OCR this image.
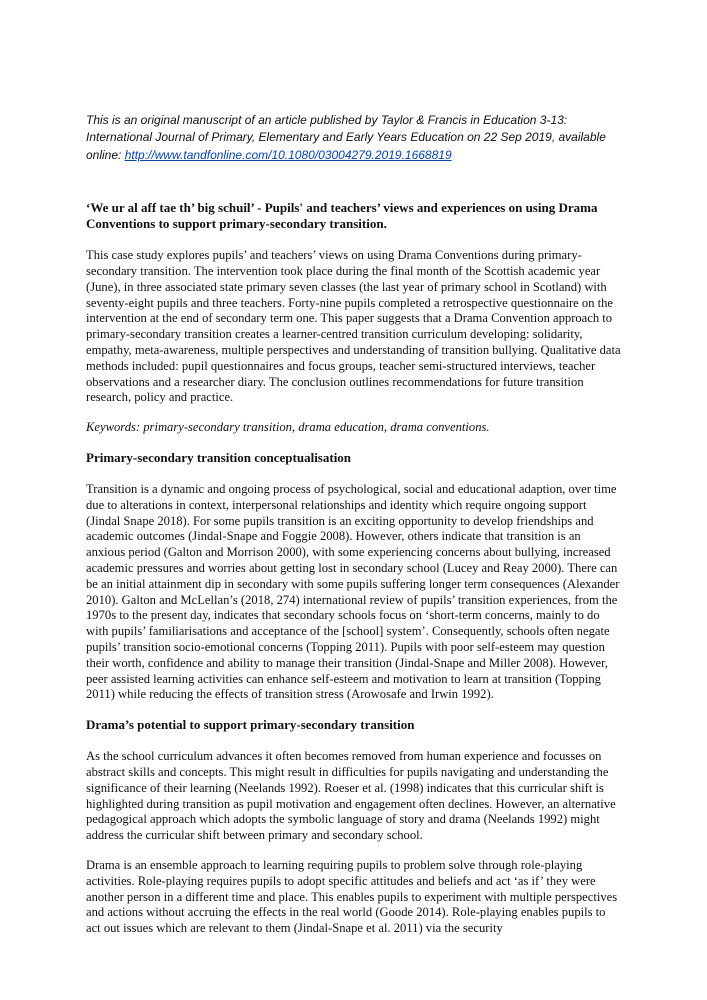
This is an original manuscript of an article published by Taylor & Francis in Education 3-13: International Journal of Primary, Elementary and Early Years Education on 22 Sep 2019, available online: http://www.tandfonline.com/10.1080/03004279.2019.1668819

‘We ur al aff tae th’ big schuil’ - Pupils' and teachers’ views and experiences on using Drama Conventions to support primary-secondary transition.

This case study explores pupils’ and teachers’ views on using Drama Conventions during primary-secondary transition. The intervention took place during the final month of the Scottish academic year (June), in three associated state primary seven classes (the last year of primary school in Scotland) with seventy-eight pupils and three teachers. Forty-nine pupils completed a retrospective questionnaire on the intervention at the end of secondary term one. This paper suggests that a Drama Convention approach to primary-secondary transition creates a learner-centred transition curriculum developing: solidarity, empathy, meta-awareness, multiple perspectives and understanding of transition bullying. Qualitative data methods included: pupil questionnaires and focus groups, teacher semi-structured interviews, teacher observations and a researcher diary. The conclusion outlines recommendations for future transition research, policy and practice.

Keywords: primary-secondary transition, drama education, drama conventions.

Primary-secondary transition conceptualisation

Transition is a dynamic and ongoing process of psychological, social and educational adaption, over time due to alterations in context, interpersonal relationships and identity which require ongoing support (Jindal Snape 2018). For some pupils transition is an exciting opportunity to develop friendships and academic outcomes (Jindal-Snape and Foggie 2008). However, others indicate that transition is an anxious period (Galton and Morrison 2000), with some experiencing concerns about bullying, increased academic pressures and worries about getting lost in secondary school (Lucey and Reay 2000). There can be an initial attainment dip in secondary with some pupils suffering longer term consequences (Alexander 2010). Galton and McLellan’s (2018, 274) international review of pupils’ transition experiences, from the 1970s to the present day, indicates that secondary schools focus on ‘short-term concerns, mainly to do with pupils’ familiarisations and acceptance of the [school] system’. Consequently, schools often negate pupils’ transition socio-emotional concerns (Topping 2011). Pupils with poor self-esteem may question their worth, confidence and ability to manage their transition (Jindal-Snape and Miller 2008). However, peer assisted learning activities can enhance self-esteem and motivation to learn at transition (Topping 2011) while reducing the effects of transition stress (Arowosafe and Irwin 1992).

Drama’s potential to support primary-secondary transition

As the school curriculum advances it often becomes removed from human experience and focusses on abstract skills and concepts. This might result in difficulties for pupils navigating and understanding the significance of their learning (Neelands 1992). Roeser et al. (1998) indicates that this curricular shift is highlighted during transition as pupil motivation and engagement often declines. However, an alternative pedagogical approach which adopts the symbolic language of story and drama (Neelands 1992) might address the curricular shift between primary and secondary school.

Drama is an ensemble approach to learning requiring pupils to problem solve through role-playing activities. Role-playing requires pupils to adopt specific attitudes and beliefs and act ‘as if’ they were another person in a different time and place. This enables pupils to experiment with multiple perspectives and actions without accruing the effects in the real world (Goode 2014). Role-playing enables pupils to act out issues which are relevant to them (Jindal-Snape et al. 2011) via the security
